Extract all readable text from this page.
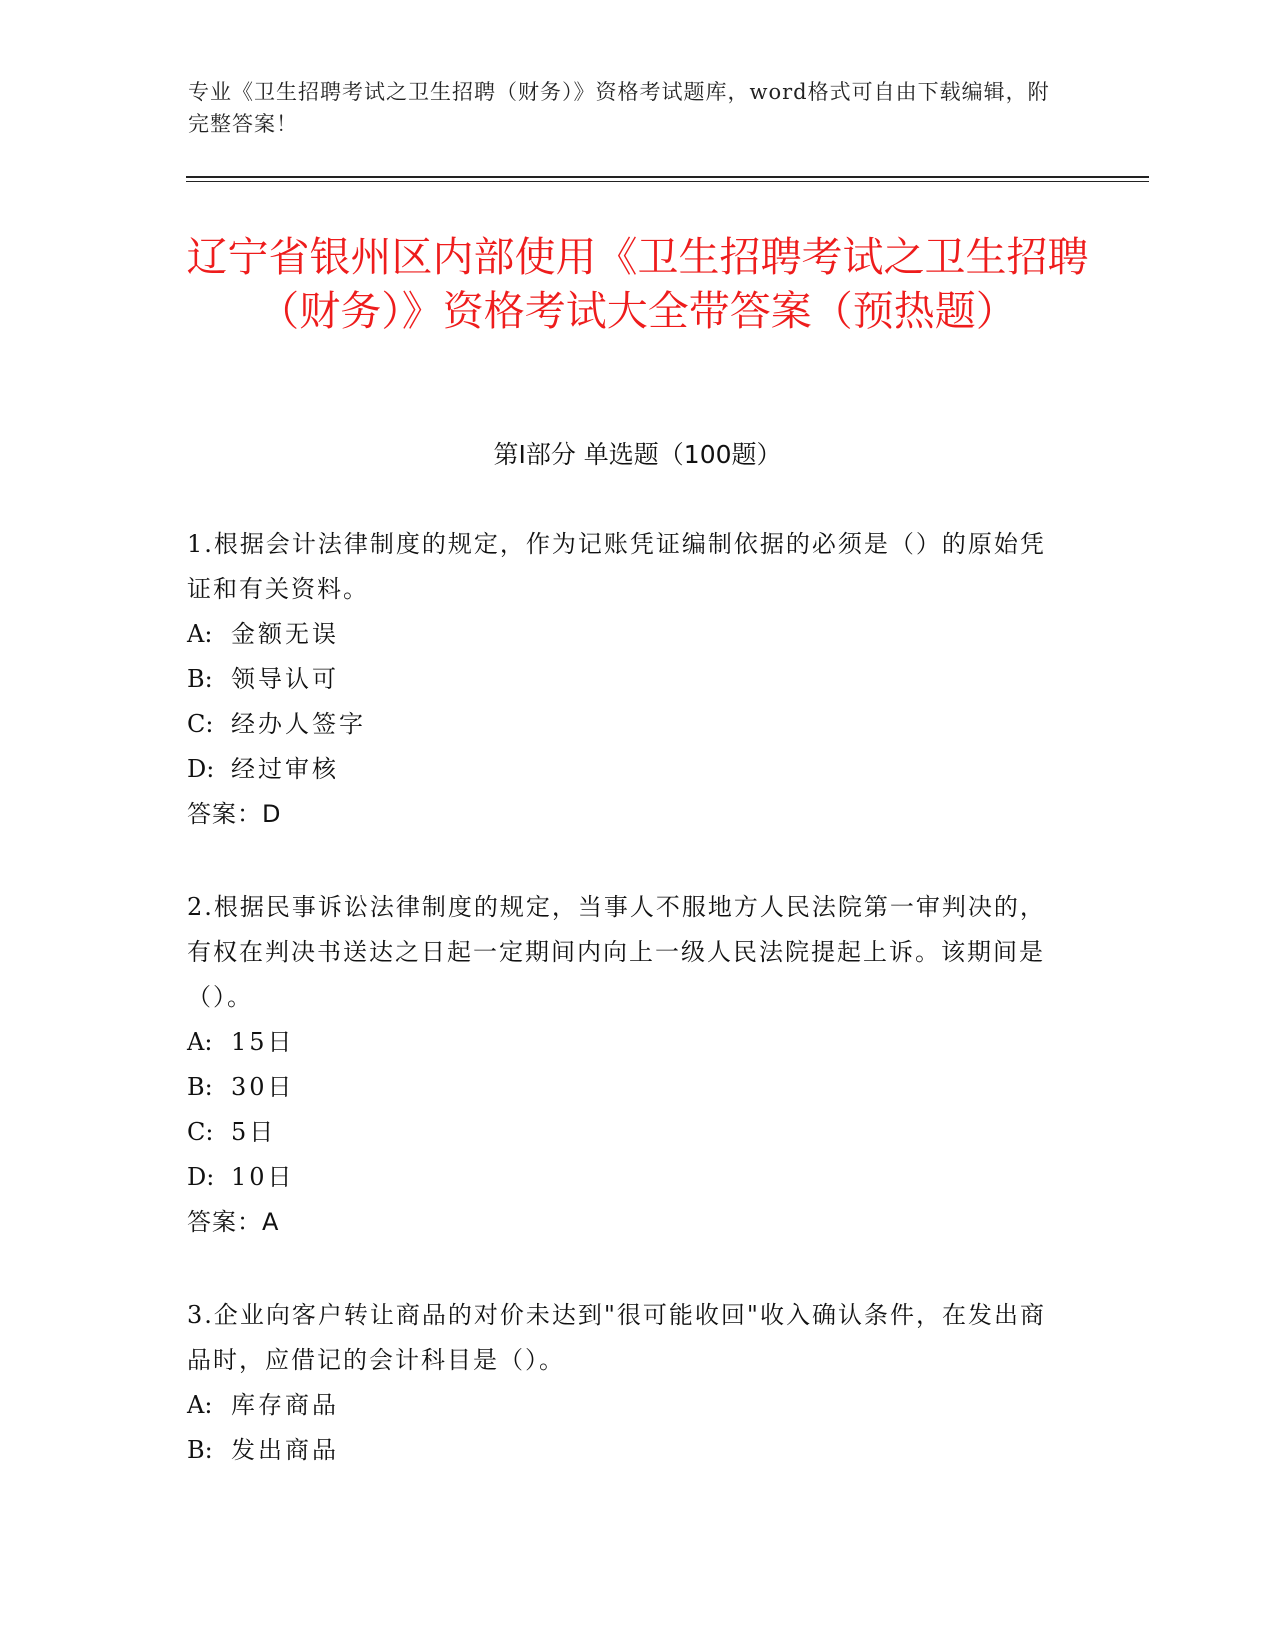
专业《卫生招聘考试之卫生招聘（财务）》资格考试题库，word格式可自由下载编辑，附完整答案！
辽宁省银州区内部使用《卫生招聘考试之卫生招聘（财务）》资格考试大全带答案（预热题）
第Ⅰ部分 单选题（100题）

1.根据会计法律制度的规定，作为记账凭证编制依据的必须是（）的原始凭证和有关资料。

A: 金额无误

B: 领导认可

C: 经办人签字

D: 经过审核

答案：D

2.根据民事诉讼法律制度的规定，当事人不服地方人民法院第一审判决的，有权在判决书送达之日起一定期间内向上一级人民法院提起上诉。该期间是（）。

A: 15日

B: 30日

C: 5日

D: 10日

答案：A

3.企业向客户转让商品的对价未达到"很可能收回"收入确认条件，在发出商品时，应借记的会计科目是（）。

A: 库存商品

B: 发出商品
